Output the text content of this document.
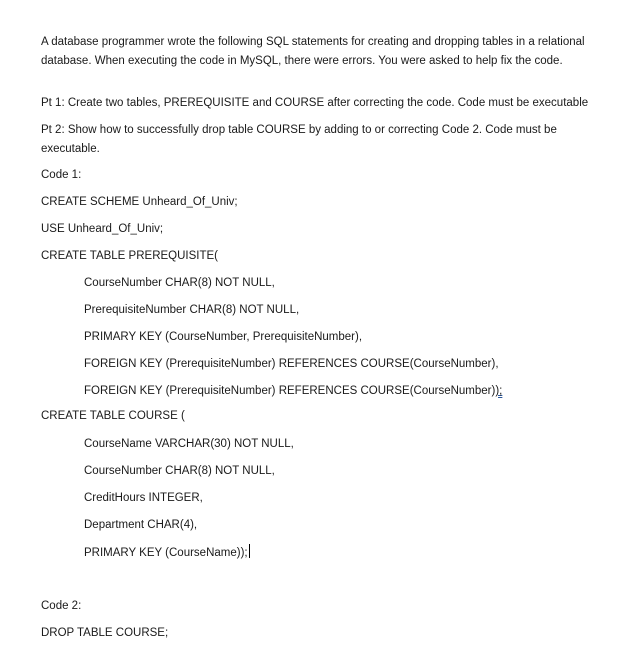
A database programmer wrote the following SQL statements for creating and dropping tables in a relational database. When executing the code in MySQL, there were errors. You were asked to help fix the code.

Pt 1: Create two tables, PREREQUISITE and COURSE after correcting the code. Code must be executable

Pt 2: Show how to successfully drop table COURSE by adding to or correcting Code 2. Code must be executable.

Code 1:

CREATE SCHEME Unheard_Of_Univ;

USE Unheard_Of_Univ;

CREATE TABLE PREREQUISITE(

CourseNumber CHAR(8) NOT NULL,

PrerequisiteNumber CHAR(8) NOT NULL,

PRIMARY KEY (CourseNumber, PrerequisiteNumber),

FOREIGN KEY (PrerequisiteNumber) REFERENCES COURSE(CourseNumber),

FOREIGN KEY (PrerequisiteNumber) REFERENCES COURSE(CourseNumber));

CREATE TABLE COURSE (

CourseName VARCHAR(30) NOT NULL,

CourseNumber CHAR(8) NOT NULL,

CreditHours INTEGER,

Department CHAR(4),

PRIMARY KEY (CourseName));

Code 2:

DROP TABLE COURSE;
